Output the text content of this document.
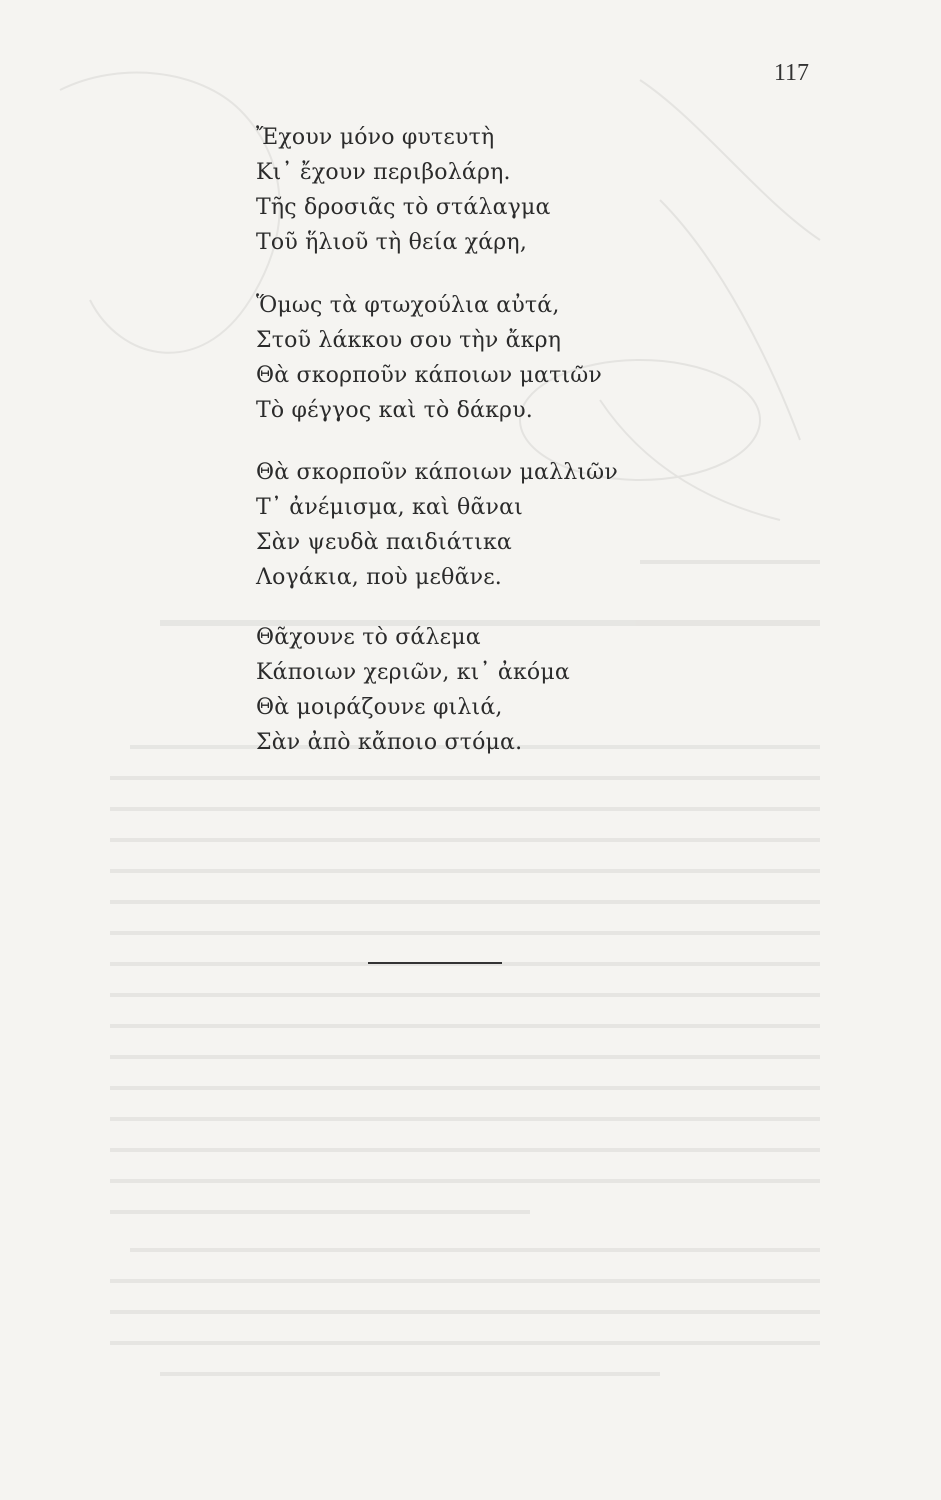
117
Ἔχουν μόνο φυτευτὴ
Κι᾿ ἔχουν περιβολάρη.
Τῆς δροσιᾶς τὸ στάλαγμα
Τοῦ ἥλιοῦ τὴ θεία χάρη,
Ὅμως τὰ φτωχούλια αὐτά,
Στοῦ λάκκου σου τὴν ἄκρη
Θὰ σκορποῦν κάποιων ματιῶν
Τὸ φέγγος καὶ τὸ δάκρυ.
Θὰ σκορποῦν κάποιων μαλλιῶν
Τ᾿ ἀνέμισμα, καὶ θᾶναι
Σὰν ψευδὰ παιδιάτικα
Λογάκια, ποὺ μεθᾶνε.
Θᾶχουνε τὸ σάλεμα
Κάποιων χεριῶν, κι᾿ ἀκόμα
Θὰ μοιράζουνε φιλιά,
Σὰν ἀπὸ κἄποιο στόμα.
